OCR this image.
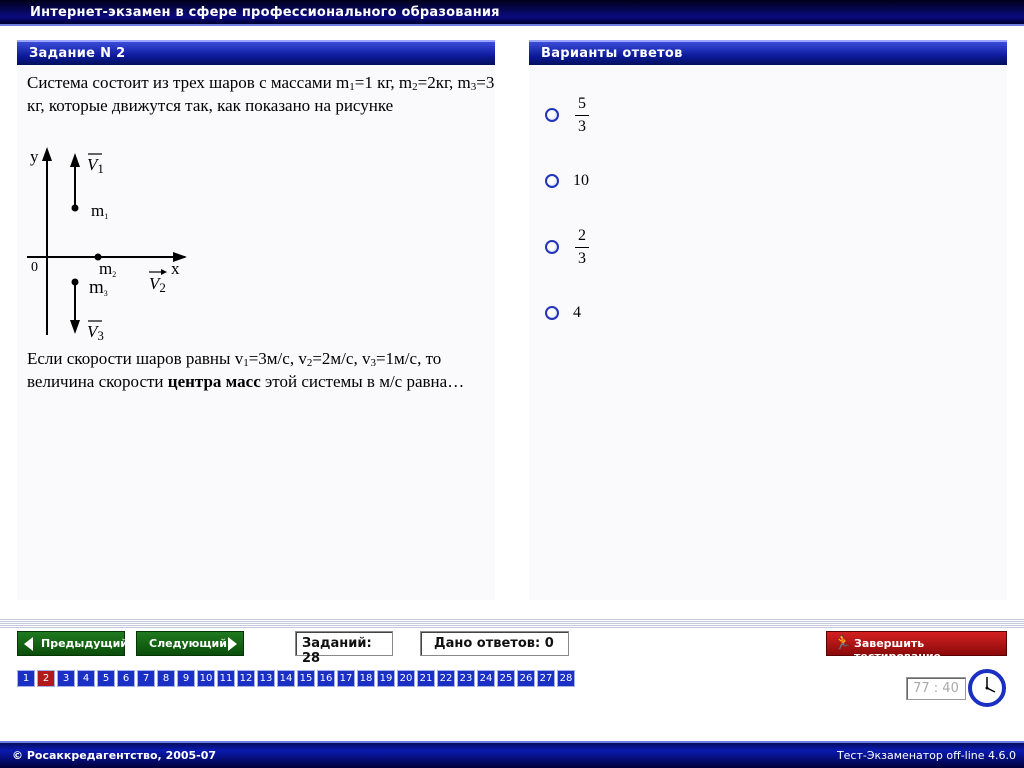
Интернет-экзамен в сфере профессионального образования
Задание N 2
Система состоит из трех шаров с массами $m_1=1$ кг, $m_2=2кг$, $m_3=3$ кг, которые движутся так, как показано на рисунке
y
x
0
V1
m1
m2 V2
m3
V3
Если скорости шаров равны $v_1=3м/с$, $v_2=2м/с$, $v_3=1м/с$, то величина скорости центра масс этой системы в м/с равна…
Варианты ответов
5
3
10
2
3
4
Предыдущий Следующий	Заданий: 28
Дано ответов: 0	🏃 Завершить тестирование
1	2	3	4	5	6	7	8	9	10 11 12 13 14 15 16 17 18 19 20 21 22 23 24 25 26 27 28
77 : 40
© Росаккредагентство, 2005-07	Тест-Экзаменатор off-line 4.6.0
